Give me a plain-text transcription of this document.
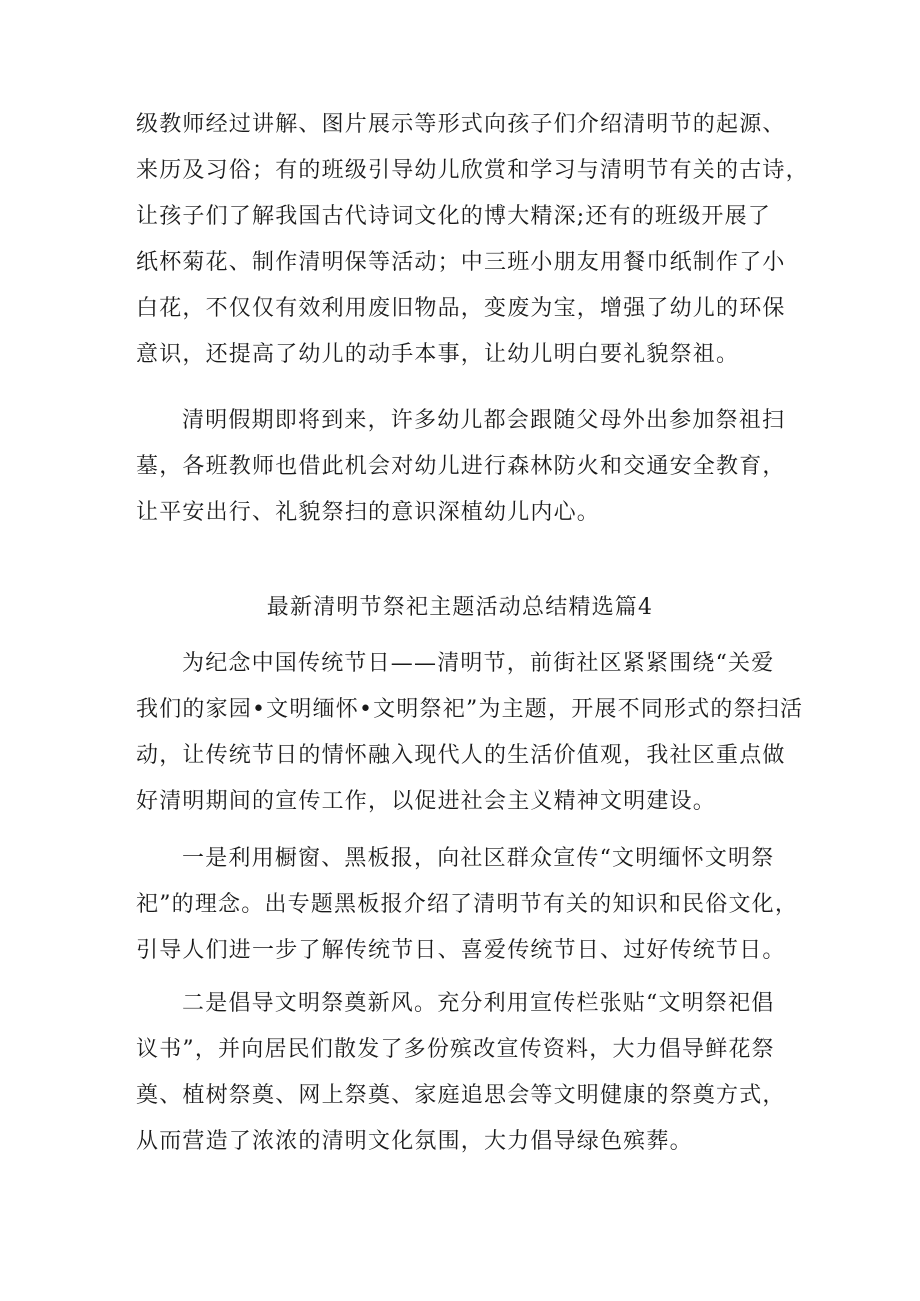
级教师经过讲解、图片展示等形式向孩子们介绍清明节的起源、
来历及习俗；有的班级引导幼儿欣赏和学习与清明节有关的古诗，
让孩子们了解我国古代诗词文化的博大精深;还有的班级开展了
纸杯菊花、制作清明保等活动；中三班小朋友用餐巾纸制作了小
白花，不仅仅有效利用废旧物品，变废为宝，增强了幼儿的环保
意识，还提高了幼儿的动手本事，让幼儿明白要礼貌祭祖。
清明假期即将到来，许多幼儿都会跟随父母外出参加祭祖扫
墓，各班教师也借此机会对幼儿进行森林防火和交通安全教育，
让平安出行、礼貌祭扫的意识深植幼儿内心。
最新清明节祭祀主题活动总结精选篇4
为纪念中国传统节日——清明节，前街社区紧紧围绕“关爱
我们的家园•文明缅怀•文明祭祀”为主题，开展不同形式的祭扫活
动，让传统节日的情怀融入现代人的生活价值观，我社区重点做
好清明期间的宣传工作，以促进社会主义精神文明建设。
一是利用橱窗、黑板报，向社区群众宣传“文明缅怀文明祭
祀”的理念。出专题黑板报介绍了清明节有关的知识和民俗文化，
引导人们进一步了解传统节日、喜爱传统节日、过好传统节日。
二是倡导文明祭奠新风。充分利用宣传栏张贴“文明祭祀倡
议书”，并向居民们散发了多份殡改宣传资料，大力倡导鲜花祭
奠、植树祭奠、网上祭奠、家庭追思会等文明健康的祭奠方式，
从而营造了浓浓的清明文化氛围，大力倡导绿色殡葬。
